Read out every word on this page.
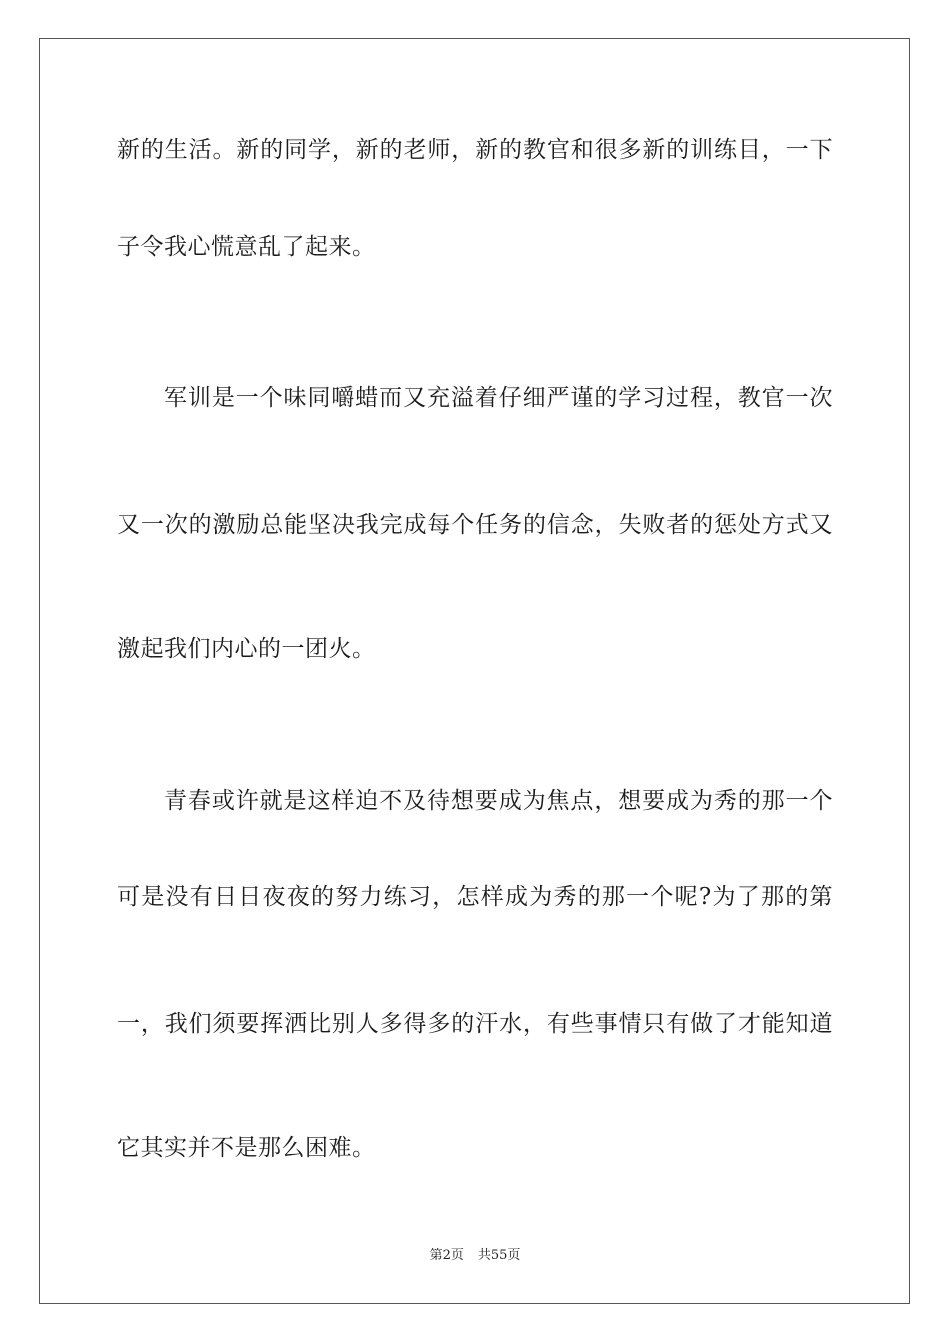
新的生活。新的同学，新的老师，新的教官和很多新的训练目，一下
子令我心慌意乱了起来。
军训是一个味同嚼蜡而又充溢着仔细严谨的学习过程，教官一次
又一次的激励总能坚决我完成每个任务的信念，失败者的惩处方式又
激起我们内心的一团火。
青春或许就是这样迫不及待想要成为焦点，想要成为秀的那一个
可是没有日日夜夜的努力练习，怎样成为秀的那一个呢?为了那的第
一，我们须要挥洒比别人多得多的汗水，有些事情只有做了才能知道
它其实并不是那么困难。
第2页 共55页
